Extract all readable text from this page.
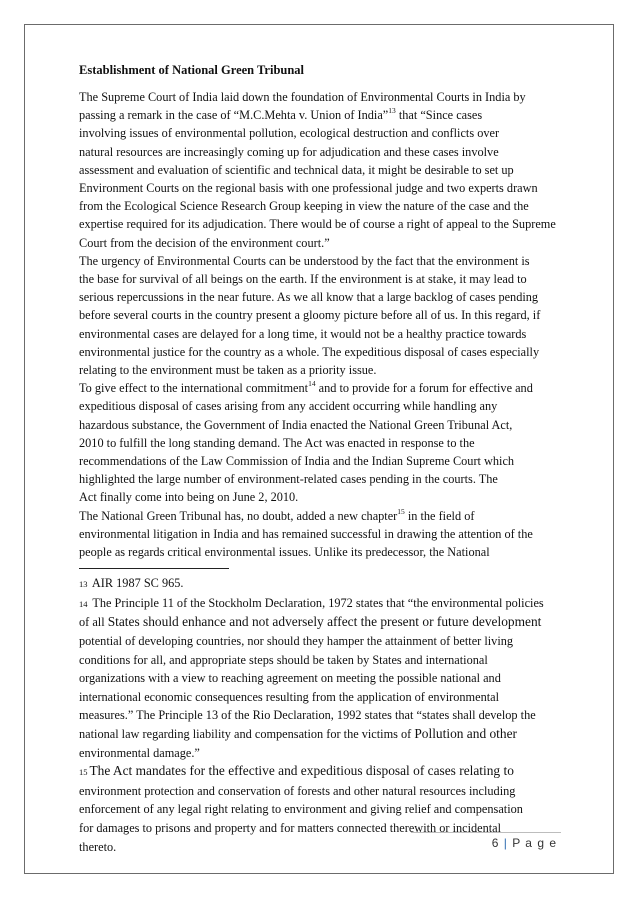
Establishment of National Green Tribunal
The Supreme Court of India laid down the foundation of Environmental Courts in India by
passing a remark in the case of “M.C.Mehta v. Union of India”$^{13}$ that “Since cases
involving issues of environmental pollution, ecological destruction and conflicts over
natural resources are increasingly coming up for adjudication and these cases involve
assessment and evaluation of scientific and technical data, it might be desirable to set up
Environment Courts on the regional basis with one professional judge and two experts drawn
from the Ecological Science Research Group keeping in view the nature of the case and the
expertise required for its adjudication. There would be of course a right of appeal to the Supreme
Court from the decision of the environment court.”
The urgency of Environmental Courts can be understood by the fact that the environment is
the base for survival of all beings on the earth. If the environment is at stake, it may lead to
serious repercussions in the near future. As we all know that a large backlog of cases pending
before several courts in the country present a gloomy picture before all of us. In this regard, if
environmental cases are delayed for a long time, it would not be a healthy practice towards
environmental justice for the country as a whole. The expeditious disposal of cases especially
relating to the environment must be taken as a priority issue.
To give effect to the international commitment$^{14}$ and to provide for a forum for effective and
expeditious disposal of cases arising from any accident occurring while handling any
hazardous substance, the Government of India enacted the National Green Tribunal Act,
2010 to fulfill the long standing demand. The Act was enacted in response to the
recommendations of the Law Commission of India and the Indian Supreme Court which
highlighted the large number of environment-related cases pending in the courts. The
Act finally come into being on June 2, 2010.
The National Green Tribunal has, no doubt, added a new chapter$^{15}$ in the field of
environmental litigation in India and has remained successful in drawing the attention of the
people as regards critical environmental issues. Unlike its predecessor, the National
13 AIR 1987 SC 965.
14 The Principle 11 of the Stockholm Declaration, 1972 states that “the environmental policies
of all States should enhance and not adversely affect the present or future development
potential of developing countries, nor should they hamper the attainment of better living
conditions for all, and appropriate steps should be taken by States and international
organizations with a view to reaching agreement on meeting the possible national and
international economic consequences resulting from the application of environmental
measures.” The Principle 13 of the Rio Declaration, 1992 states that “states shall develop the
national law regarding liability and compensation for the victims of Pollution and other
environmental damage.”
15 The Act mandates for the effective and expeditious disposal of cases relating to
environment protection and conservation of forests and other natural resources including
enforcement of any legal right relating to environment and giving relief and compensation
for damages to prisons and property and for matters connected therewith or incidental
thereto.	6 | P a g e
